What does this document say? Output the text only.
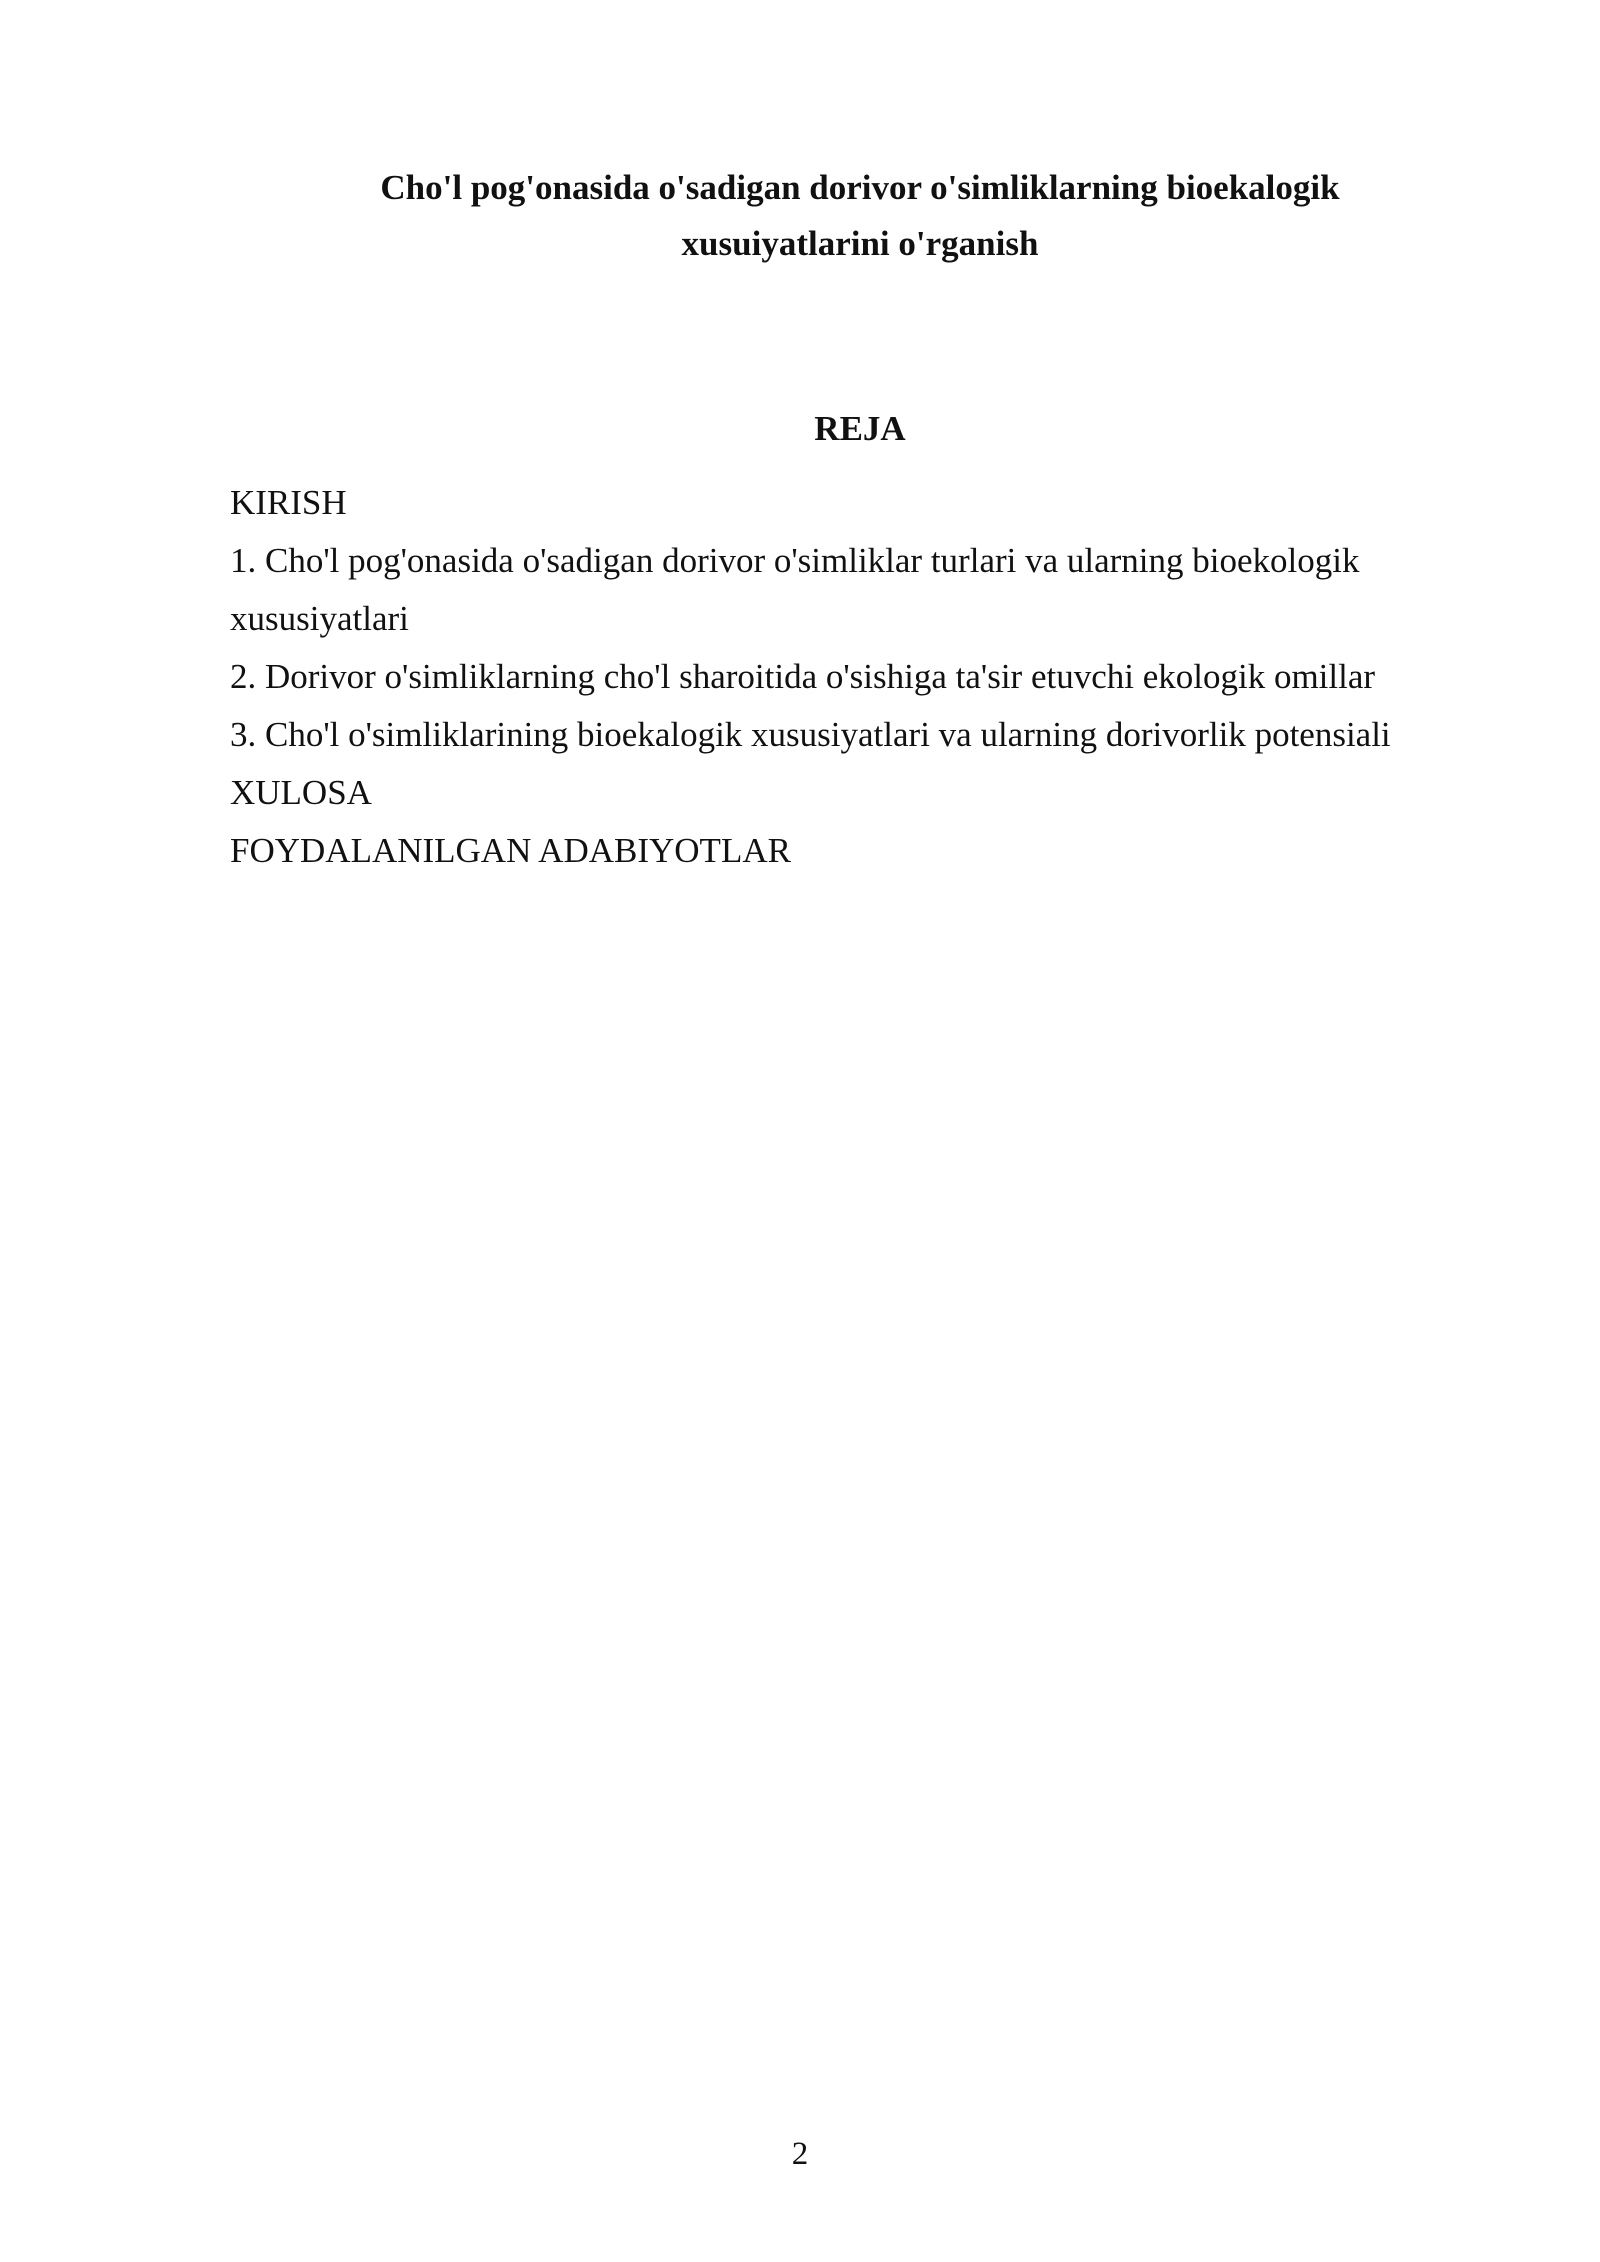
Cho'l pog'onasida o'sadigan dorivor o'simliklarning bioekalogik
xusuiyatlarini o'rganish
REJA
KIRISH
1. Cho'l pog'onasida o'sadigan dorivor o'simliklar turlari va ularning bioekologik
xususiyatlari
2. Dorivor o'simliklarning cho'l sharoitida o'sishiga ta'sir etuvchi ekologik omillar
3. Cho'l o'simliklarining bioekalogik xususiyatlari va ularning dorivorlik potensiali
XULOSA
FOYDALANILGAN ADABIYOTLAR
2
